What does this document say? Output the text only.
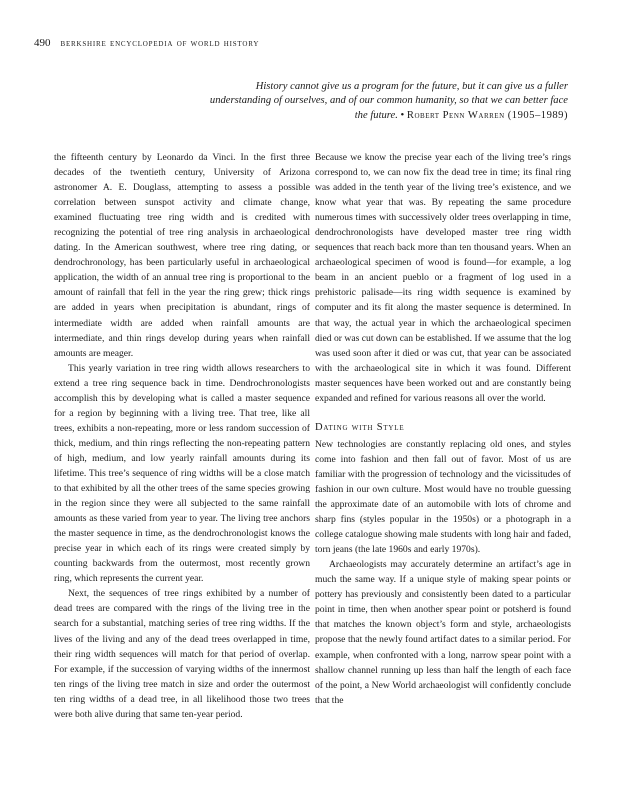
490 berkshire encyclopedia of world history
History cannot give us a program for the future, but it can give us a fuller understanding of ourselves, and of our common humanity, so that we can better face the future. • Robert Penn Warren (1905–1989)

the fifteenth century by Leonardo da Vinci. In the first three decades of the twentieth century, University of Arizona astronomer A. E. Douglass, attempting to assess a possible correlation between sunspot activity and climate change, examined fluctuating tree ring width and is credited with recognizing the potential of tree ring analysis in archaeological dating. In the American southwest, where tree ring dating, or dendrochronology, has been particularly useful in archaeological application, the width of an annual tree ring is proportional to the amount of rainfall that fell in the year the ring grew; thick rings are added in years when precipitation is abundant, rings of intermediate width are added when rainfall amounts are intermediate, and thin rings develop during years when rainfall amounts are meager.

This yearly variation in tree ring width allows researchers to extend a tree ring sequence back in time. Dendrochronologists accomplish this by developing what is called a master sequence for a region by beginning with a living tree. That tree, like all trees, exhibits a non-repeating, more or less random succession of thick, medium, and thin rings reflecting the non-repeating pattern of high, medium, and low yearly rainfall amounts during its lifetime. This tree’s sequence of ring widths will be a close match to that exhibited by all the other trees of the same species growing in the region since they were all subjected to the same rainfall amounts as these varied from year to year. The living tree anchors the master sequence in time, as the dendrochronologist knows the precise year in which each of its rings were created simply by counting backwards from the outermost, most recently grown ring, which represents the current year.

Next, the sequences of tree rings exhibited by a number of dead trees are compared with the rings of the living tree in the search for a substantial, matching series of tree ring widths. If the lives of the living and any of the dead trees overlapped in time, their ring width sequences will match for that period of overlap. For example, if the succession of varying widths of the innermost ten rings of the living tree match in size and order the outermost ten ring widths of a dead tree, in all likelihood those two trees were both alive during that same ten-year period.

Because we know the precise year each of the living tree’s rings correspond to, we can now fix the dead tree in time; its final ring was added in the tenth year of the living tree’s existence, and we know what year that was. By repeating the same procedure numerous times with successively older trees overlapping in time, dendrochronologists have developed master tree ring width sequences that reach back more than ten thousand years. When an archaeological specimen of wood is found—for example, a log beam in an ancient pueblo or a fragment of log used in a prehistoric palisade—its ring width sequence is examined by computer and its fit along the master sequence is determined. In that way, the actual year in which the archaeological specimen died or was cut down can be established. If we assume that the log was used soon after it died or was cut, that year can be associated with the archaeological site in which it was found. Different master sequences have been worked out and are constantly being expanded and refined for various reasons all over the world.

Dating with Style

New technologies are constantly replacing old ones, and styles come into fashion and then fall out of favor. Most of us are familiar with the progression of technology and the vicissitudes of fashion in our own culture. Most would have no trouble guessing the approximate date of an automobile with lots of chrome and sharp fins (styles popular in the 1950s) or a photograph in a college catalogue showing male students with long hair and faded, torn jeans (the late 1960s and early 1970s).

Archaeologists may accurately determine an artifact’s age in much the same way. If a unique style of making spear points or pottery has previously and consistently been dated to a particular point in time, then when another spear point or potsherd is found that matches the known object’s form and style, archaeologists propose that the newly found artifact dates to a similar period. For example, when confronted with a long, narrow spear point with a shallow channel running up less than half the length of each face of the point, a New World archaeologist will confidently conclude that the
